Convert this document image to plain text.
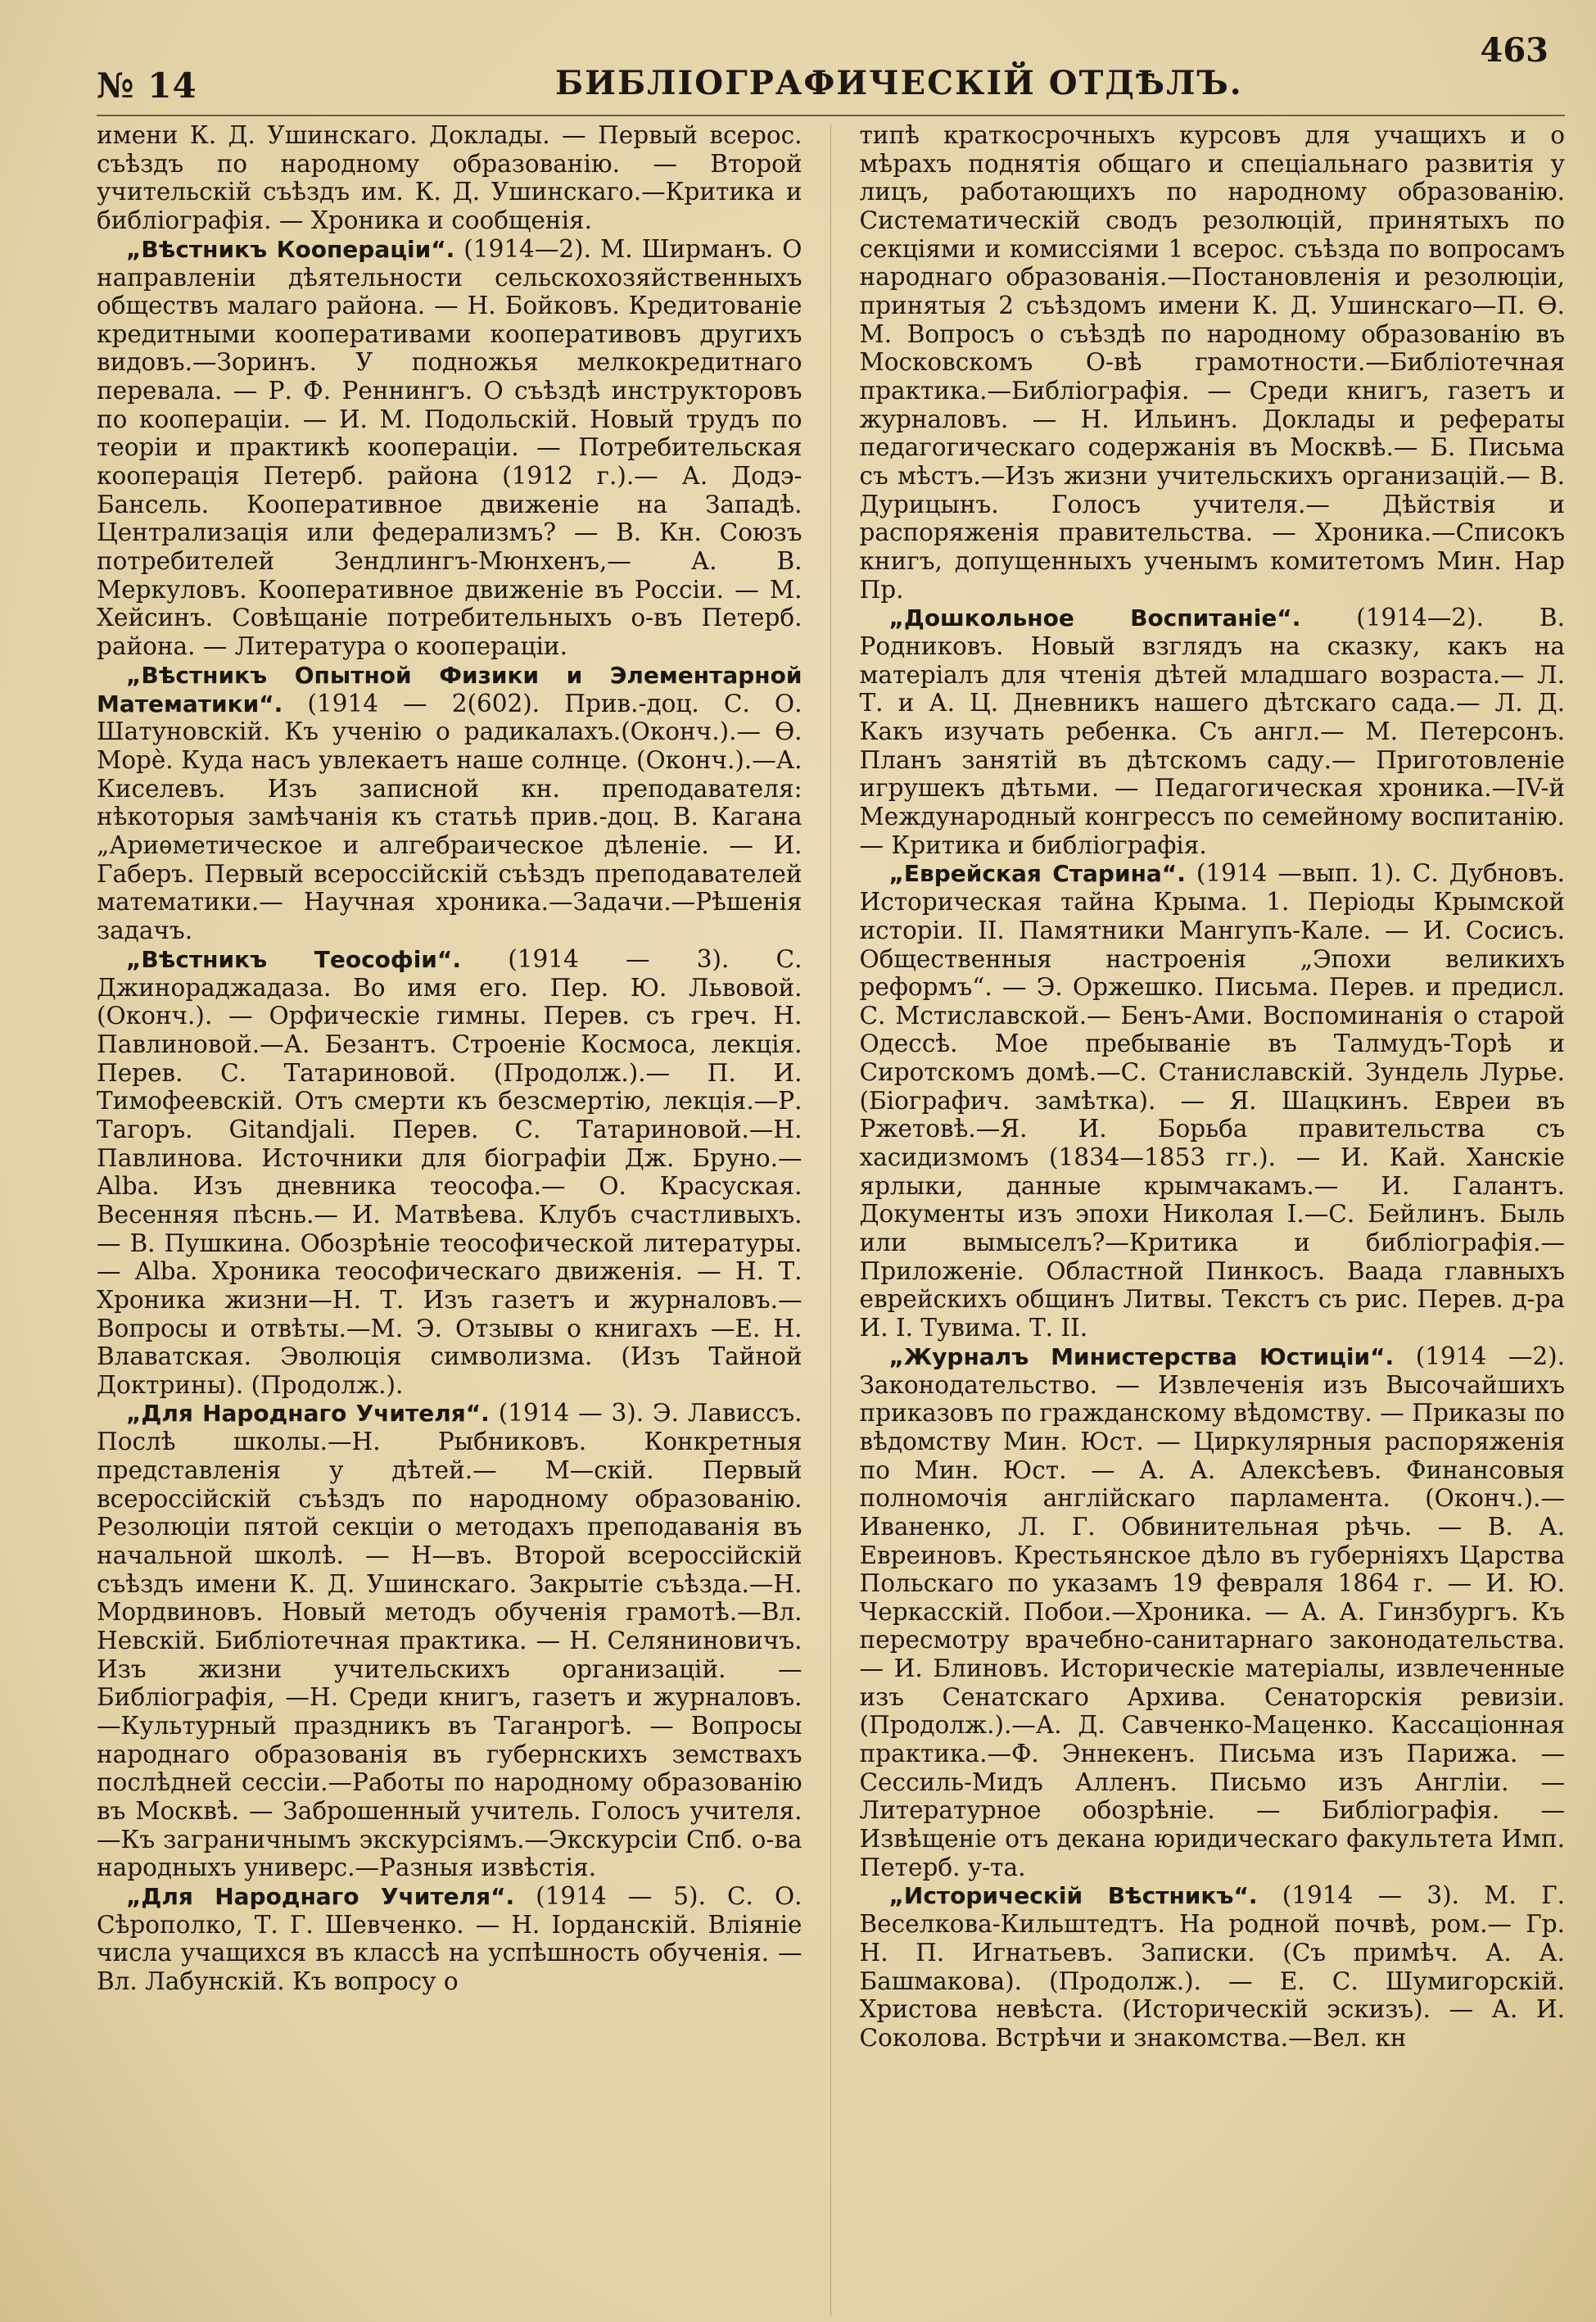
№ 14	БИБЛІОГРАФИЧЕСКІЙ ОТДѢЛЪ.
463

имени К. Д. Ушинскаго. Доклады. — Первый всерос. съѣздъ по народному образованію. — Второй учительскій съѣздъ им. К. Д. Ушинскаго.—Критика и библіографія. — Хроника и сообщенія.

„Вѣстникъ Кооперацiи“. (1914—2). М. Ширманъ. О направленiи дѣятельности сельскохозяйственныхъ обществъ малаго района. — Н. Бойковъ. Кредитованіе кредитными кооперативами кооперативовъ другихъ видовъ.—Зоринъ. У подножья мелкокредитнаго перевала. — Р. Ф. Реннингъ. О съѣздѣ инструкторовъ по кооперацiи. — И. М. Подольскій. Новый трудъ по теоріи и практикѣ кооперацiи. — Потребительская кооперацiя Петерб. района (1912 г.).— А. Додэ-Бансель. Кооперативное движеніе на Западѣ. Централизація или федерализмъ? — В. Кн. Союзъ потребителей Зендлингъ-Мюнхенъ,— А. В. Меркуловъ. Кооперативное движеніе въ Россіи. — М. Хейсинъ. Совѣщаніе потребительныхъ о-въ Петерб. района. — Литература о кооперацiи.

„Вѣстникъ Опытной Физики и Элементарной Математики“. (1914 — 2(602). Прив.-доц. С. О. Шатуновскій. Къ ученію о радикалахъ.(Оконч.).— Ѳ. Морѐ. Куда насъ увлекаетъ наше солнце. (Оконч.).—А. Киселевъ. Изъ записной кн. преподавателя: нѣкоторыя замѣчанія къ статьѣ прив.-доц. В. Кагана „Ариѳметическое и алгебраическое дѣленіе. — И. Габеръ. Первый всероссійскій съѣздъ преподавателей математики.— Научная хроника.—Задачи.—Рѣшенія задачъ.

„Вѣстникъ Теософіи“. (1914 — 3). С. Джинораджадаза. Во имя его. Пер. Ю. Львовой. (Оконч.). — Орфическіе гимны. Перев. съ греч. Н. Павлиновой.—А. Безантъ. Строеніе Космоса, лекція. Перев. С. Татариновой. (Продолж.).— П. И. Тимофеевскій. Отъ смерти къ безсмертію, лекція.—Р. Тагоръ. Gitandjali. Перев. С. Татариновой.—Н. Павлинова. Источники для біографіи Дж. Бруно.—Alba. Изъ дневника теософа.— О. Красуская. Весенняя пѣснь.— И. Матвѣева. Клубъ счастливыхъ. — В. Пушкина. Обозрѣніе теософической литературы. — Alba. Хроника теософическаго движенія. — Н. Т. Хроника жизни—Н. Т. Изъ газетъ и журналовъ.—Вопросы и отвѣты.—М. Э. Отзывы о книгахъ —Е. Н. Влаватская. Эволюція символизма. (Изъ Тайной Доктрины). (Продолж.).

„Для Народнаго Учителя“. (1914 — 3). Э. Лависсъ. Послѣ школы.—Н. Рыбниковъ. Конкретныя представленія у дѣтей.— М—скій. Первый всероссійскій съѣздъ по народному образованію. Резолюціи пятой секціи о методахъ преподаванія въ начальной школѣ. — Н—въ. Второй всероссійскій съѣздъ имени К. Д. Ушинскаго. Закрытіе съѣзда.—Н. Мордвиновъ. Новый методъ обученія грамотѣ.—Вл. Невскій. Библіотечная практика. — Н. Селяниновичъ. Изъ жизни учительскихъ организацій. — Библіографія, —Н. Среди книгъ, газетъ и журналовъ.—Культурный праздникъ въ Таганрогѣ. — Вопросы народнаго образованія въ губернскихъ земствахъ послѣдней сессіи.—Работы по народному образованію въ Москвѣ. — Заброшенный учитель. Голосъ учителя.—Къ заграничнымъ экскурсіямъ.—Экскурсіи Спб. о-ва народныхъ универс.—Разныя извѣстія.

„Для Народнаго Учителя“. (1914 — 5). С. О. Сѣрополко, Т. Г. Шевченко. — Н. Іорданскій. Вліяніе числа учащихся въ классѣ на успѣшность обученія. — Вл. Лабунскій. Къ вопросу о

типѣ краткосрочныхъ курсовъ для учащихъ и о мѣрахъ поднятія общаго и спеціальнаго развитія у лицъ, работающихъ по народному образованію. Систематическій сводъ резолюцій, принятыхъ по секціями и комиссіями 1 всерос. съѣзда по вопросамъ народнаго образованія.—Постановленія и резолюціи, принятыя 2 съѣздомъ имени К. Д. Ушинскаго—П. Ѳ. М. Вопросъ о съѣздѣ по народному образованію въ Московскомъ О-вѣ грамотности.—Библіотечная практика.—Библіографія. — Среди книгъ, газетъ и журналовъ. — Н. Ильинъ. Доклады и рефераты педагогическаго содержанія въ Москвѣ.— Б. Письма съ мѣстъ.—Изъ жизни учительскихъ организацій.— В. Дурицынъ. Голосъ учителя.— Дѣйствія и распоряженія правительства. — Хроника.—Списокъ книгъ, допущенныхъ ученымъ комитетомъ Мин. Нар Пр.

„Дошкольное Воспитаніе“. (1914—2). В. Родниковъ. Новый взглядъ на сказку, какъ на матеріалъ для чтенія дѣтей младшаго возраста.— Л. Т. и А. Ц. Дневникъ нашего дѣтскаго сада.— Л. Д. Какъ изучать ребенка. Съ англ.— М. Петерсонъ. Планъ занятій въ дѣтскомъ саду.— Приготовленіе игрушекъ дѣтьми. — Педагогическая хроника.—IV-й Международный конгрессъ по семейному воспитанію. — Критика и библіографія.

„Еврейская Старина“. (1914 —вып. 1). С. Дубновъ. Историческая тайна Крыма. 1. Періоды Крымской исторіи. II. Памятники Мангупъ-Кале. — И. Сосисъ. Общественныя настроенія „Эпохи великихъ реформъ“. — Э. Оржешко. Письма. Перев. и предисл. С. Мстиславской.— Бенъ-Ами. Воспоминанія о старой Одессѣ. Мое пребываніе въ Талмудъ-Торѣ и Сиротскомъ домѣ.—С. Станиславскій. Зундель Лурье. (Біографич. замѣтка). — Я. Шацкинъ. Евреи въ Ржетовѣ.—Я. И. Борьба правительства съ хасидизмомъ (1834—1853 гг.). — И. Кай. Ханскіе ярлыки, данные крымчакамъ.— И. Галантъ. Документы изъ эпохи Николая I.—С. Бейлинъ. Быль или вымыселъ?—Критика и библіографія.—Приложеніе. Областной Пинкосъ. Ваада главныхъ еврейскихъ общинъ Литвы. Текстъ съ рис. Перев. д-ра И. І. Тувима. Т. II.

„Журналъ Министерства Юстиціи“. (1914 —2). Законодательство. — Извлеченія изъ Высочайшихъ приказовъ по гражданскому вѣдомству. — Приказы по вѣдомству Мин. Юст. — Циркулярныя распоряженія по Мин. Юст. — А. А. Алексѣевъ. Финансовыя полномочія англійскаго парламента. (Оконч.).—Иваненко, Л. Г. Обвинительная рѣчь. — В. А. Евреиновъ. Крестьянское дѣло въ губерніяхъ Царства Польскаго по указамъ 19 февраля 1864 г. — И. Ю. Черкасскій. Побои.—Хроника. — А. А. Гинзбургъ. Къ пересмотру врачебно-санитарнаго законодательства.— И. Блиновъ. Историческіе матеріалы, извлеченные изъ Сенатскаго Архива. Сенаторскія ревизіи. (Продолж.).—А. Д. Савченко-Маценко. Кассаціонная практика.—Ф. Эннекенъ. Письма изъ Парижа. — Сессиль-Мидъ Алленъ. Письмо изъ Англіи. — Литературное обозрѣніе. — Библіографія. — Извѣщеніе отъ декана юридическаго факультета Имп. Петерб. у-та.

„Историческій Вѣстникъ“. (1914 — 3). М. Г. Веселкова-Кильштедтъ. На родной почвѣ, ром.— Гр. Н. П. Игнатьевъ. Записки. (Съ примѣч. А. А. Башмакова). (Продолж.). — Е. С. Шумигорскій. Христова невѣста. (Историческій эскизъ). — А. И. Соколова. Встрѣчи и знакомства.—Вел. кн
